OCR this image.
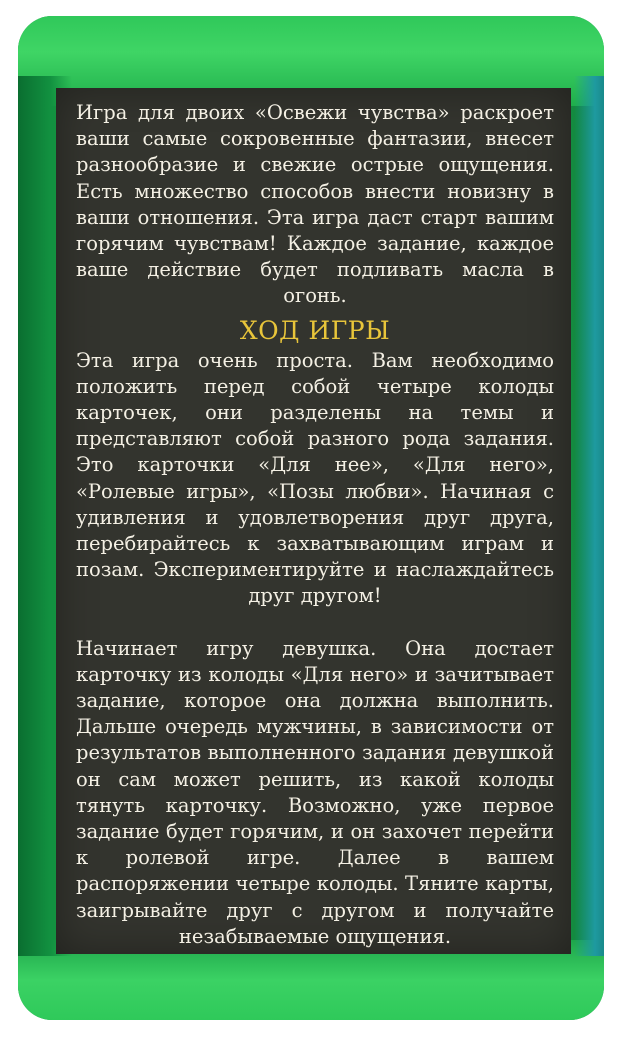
Игра для двоих «Освежи чувства» раскроет ваши самые сокровенные фантазии, внесет разнообразие и свежие острые ощущения. Есть множество способов внести новизну в ваши отношения. Эта игра даст старт вашим горячим чувствам! Каждое задание, каждое ваше действие будет подливать масла в огонь.

ХОД ИГРЫ

Эта игра очень проста. Вам необходимо положить перед собой четыре колоды карточек, они разделены на темы и представляют собой разного рода задания. Это карточки «Для нее», «Для него», «Ролевые игры», «Позы любви». Начиная с удивления и удовлетворения друг друга, перебирайтесь к захватывающим играм и позам. Экспериментируйте и наслаждайтесь друг другом!

Начинает игру девушка. Она достает карточку из колоды «Для него» и зачитывает задание, которое она должна выполнить. Дальше очередь мужчины, в зависимости от результатов выполненного задания девушкой он сам может решить, из какой колоды тянуть карточку. Возможно, уже первое задание будет горячим, и он захочет перейти к ролевой игре. Далее в вашем распоряжении четыре колоды. Тяните карты, заигрывайте друг с другом и получайте незабываемые ощущения.
